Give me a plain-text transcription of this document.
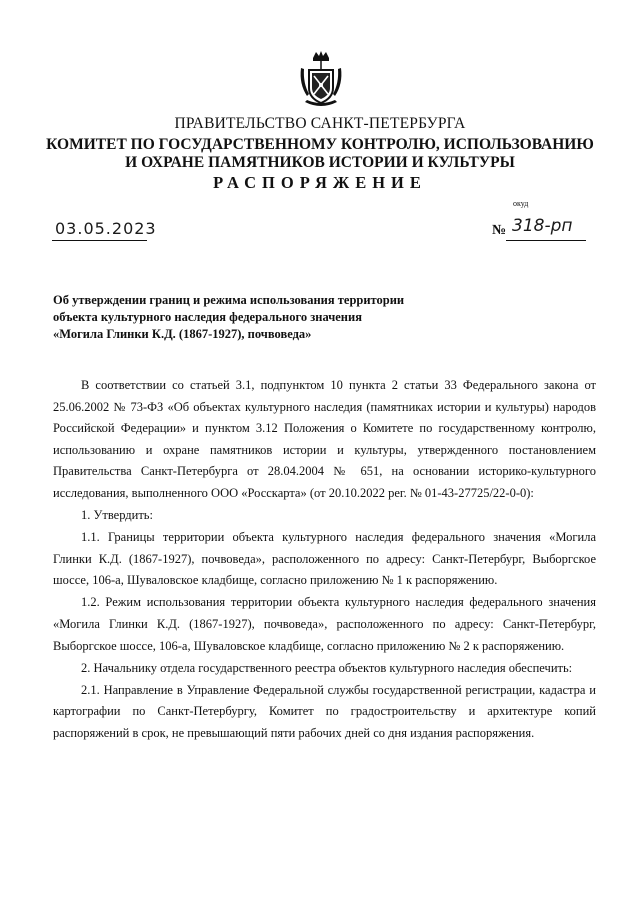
ПРАВИТЕЛЬСТВО САНКТ-ПЕТЕРБУРГА
КОМИТЕТ ПО ГОСУДАРСТВЕННОМУ КОНТРОЛЮ, ИСПОЛЬЗОВАНИЮ
И ОХРАНЕ ПАМЯТНИКОВ ИСТОРИИ И КУЛЬТУРЫ
РАСПОРЯЖЕНИЕ
окуд
03.05.2023	№ 318-рп
Об утверждении границ и режима использования территории
объекта культурного наследия федерального значения
«Могила Глинки К.Д. (1867-1927), почвоведа»

В соответствии со статьей 3.1, подпунктом 10 пункта 2 статьи 33 Федерального закона от 25.06.2002 № 73-ФЗ «Об объектах культурного наследия (памятниках истории и культуры) народов Российской Федерации» и пунктом 3.12 Положения о Комитете по государственному контролю, использованию и охране памятников истории и культуры, утвержденного постановлением Правительства Санкт-Петербурга от 28.04.2004 № 651, на основании историко-культурного исследования, выполненного ООО «Росскарта» (от 20.10.2022 рег. № 01-43-27725/22-0-0):

1. Утвердить:

1.1. Границы территории объекта культурного наследия федерального значения «Могила Глинки К.Д. (1867-1927), почвоведа», расположенного по адресу: Санкт-Петербург, Выборгское шоссе, 106-а, Шуваловское кладбище, согласно приложению № 1 к распоряжению.

1.2. Режим использования территории объекта культурного наследия федерального значения «Могила Глинки К.Д. (1867-1927), почвоведа», расположенного по адресу: Санкт-Петербург, Выборгское шоссе, 106-а, Шуваловское кладбище, согласно приложению № 2 к распоряжению.

2. Начальнику отдела государственного реестра объектов культурного наследия обеспечить:

2.1. Направление в Управление Федеральной службы государственной регистрации, кадастра и картографии по Санкт-Петербургу, Комитет по градостроительству и архитектуре копий распоряжений в срок, не превышающий пяти рабочих дней со дня издания распоряжения.
